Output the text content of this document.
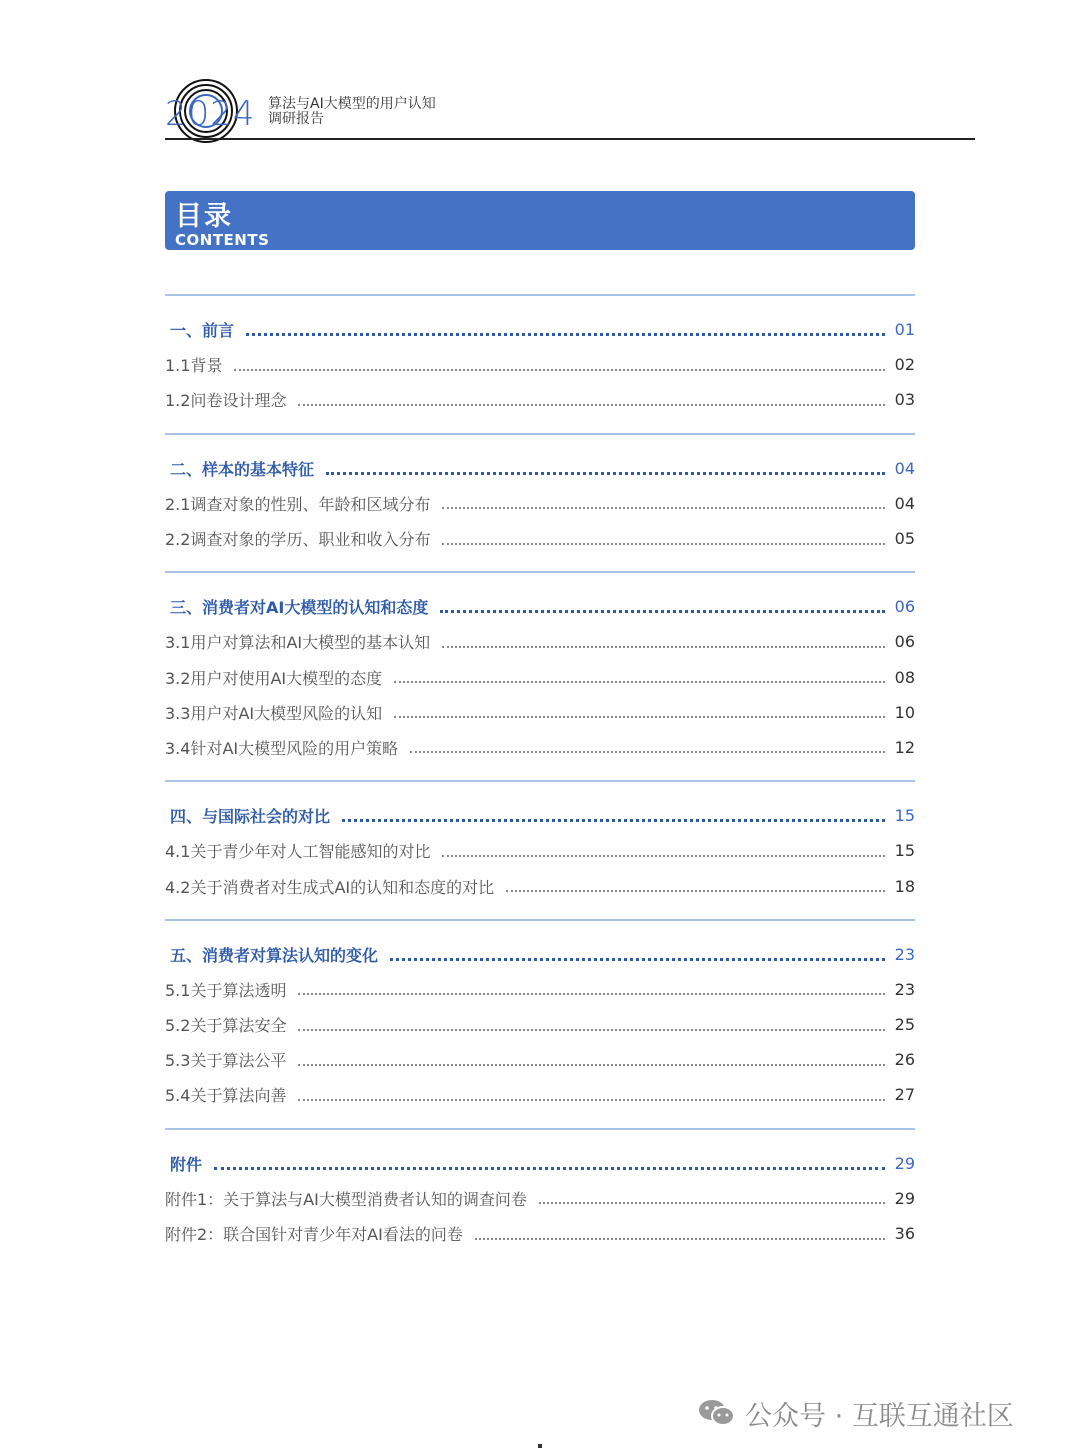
2024 算法与AI大模型的用户认知
调研报告
目录
CONTENTS
一、前言	01
1.1背景	02
1.2问卷设计理念	03
二、样本的基本特征	04
2.1调查对象的性别、年龄和区域分布	04
2.2调查对象的学历、职业和收入分布	05
三、消费者对AI大模型的认知和态度	06
3.1用户对算法和AI大模型的基本认知	06
3.2用户对使用AI大模型的态度	08
3.3用户对AI大模型风险的认知	10
3.4针对AI大模型风险的用户策略	12
四、与国际社会的对比	15
4.1关于青少年对人工智能感知的对比	15
4.2关于消费者对生成式AI的认知和态度的对比	18
五、消费者对算法认知的变化	23
5.1关于算法透明	23
5.2关于算法安全	25
5.3关于算法公平	26
5.4关于算法向善	27
附件	29
附件1：关于算法与AI大模型消费者认知的调查问卷	29
附件2：联合国针对青少年对AI看法的问卷	36
公众号 · 互联互通社区
